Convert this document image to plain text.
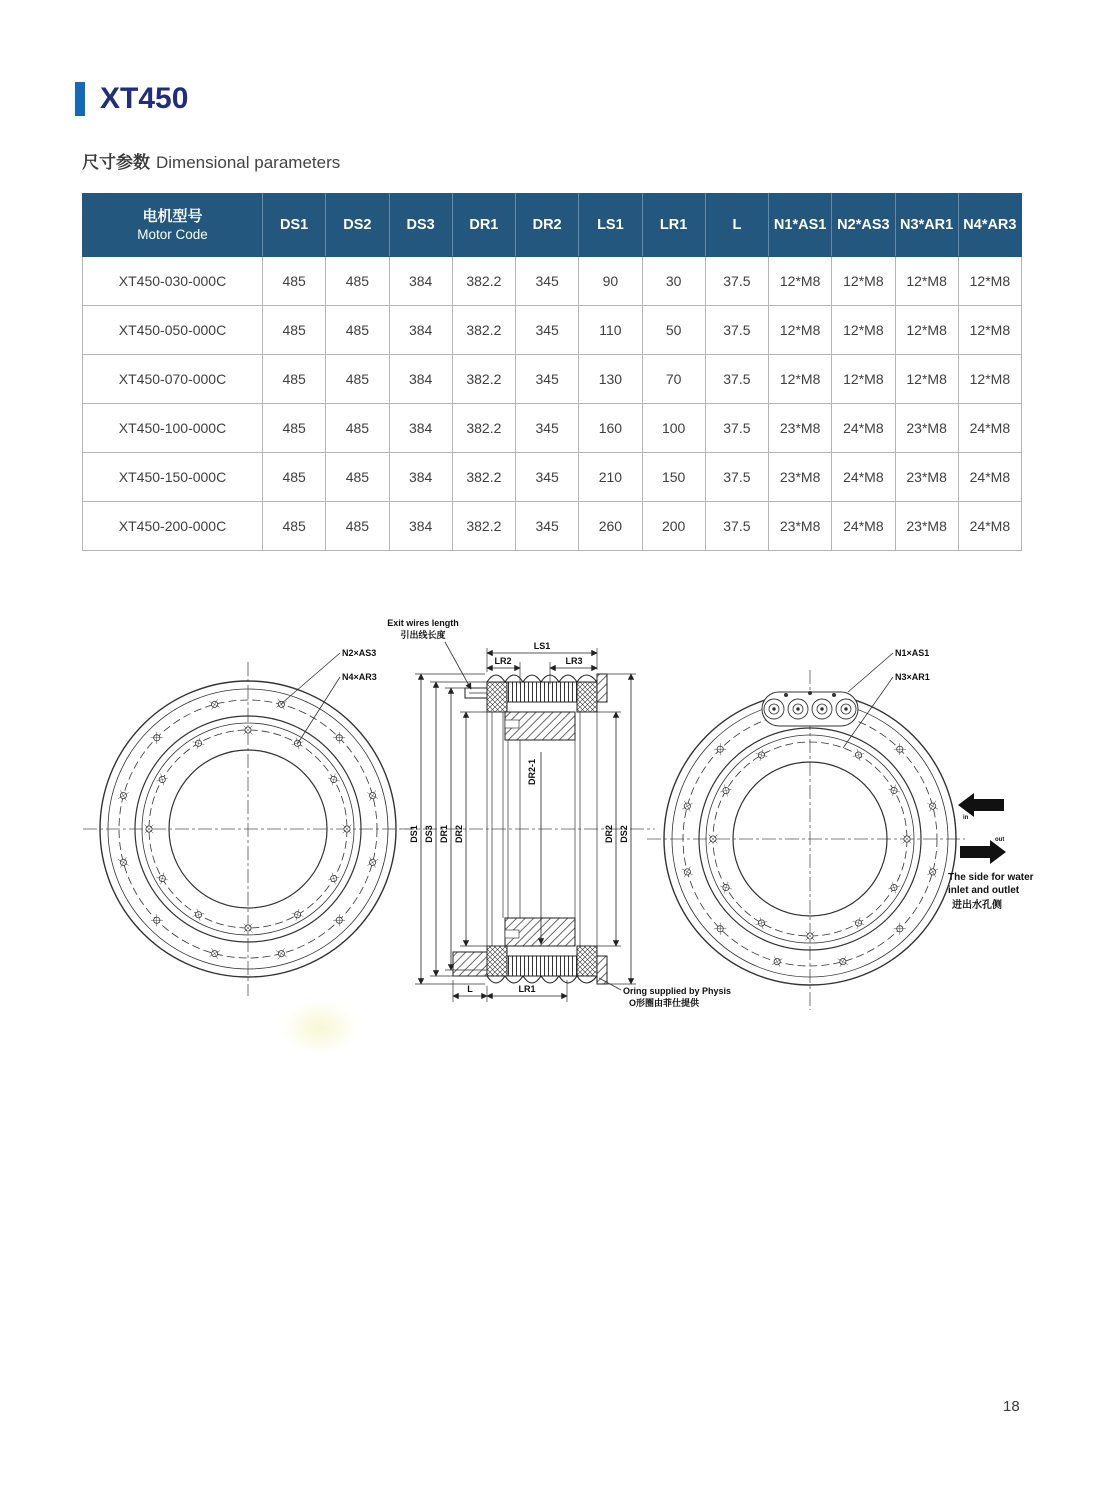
XT450
尺寸参数 Dimensional parameters
电机型号
Motor Code	DS1	DS2	DS3	DR1	DR2	LS1	LR1	L	N1*AS1	N2*AS3	N3*AR1	N4*AR3
XT450-030-000C	485	485	384	382.2	345	90	30	37.5	12*M8	12*M8	12*M8	12*M8
XT450-050-000C	485	485	384	382.2	345	110	50	37.5	12*M8	12*M8	12*M8	12*M8
XT450-070-000C	485	485	384	382.2	345	130	70	37.5	12*M8	12*M8	12*M8	12*M8
XT450-100-000C	485	485	384	382.2	345	160	100	37.5	23*M8	24*M8	23*M8	24*M8
XT450-150-000C	485	485	384	382.2	345	210	150	37.5	23*M8	24*M8	23*M8	24*M8
XT450-200-000C	485	485	384	382.2	345	260	200	37.5	23*M8	24*M8	23*M8	24*M8
N2×AS3
N4×AR3
LS1
LR2	LR3
L	LR1
DS1 DS3 DR1 DR2
DR2-1
DR2 DS2
Exit wires length
引出线长度
Oring supplied by Physis
O形圈由菲仕提供
N1×AS1
N3×AR1
in
out
The side for water
inlet and outlet
进出水孔侧
18
